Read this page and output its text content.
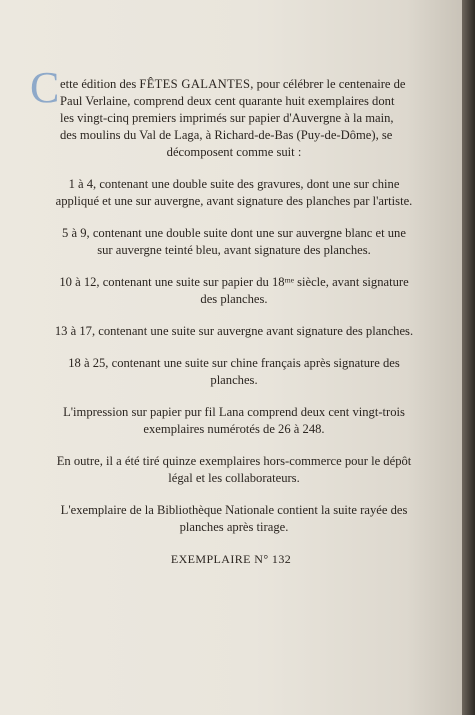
C ette édition des FÊTES GALANTES, pour célébrer le centenaire de
Paul Verlaine, comprend deux cent quarante huit exemplaires dont
les vingt-cinq premiers imprimés sur papier d'Auvergne à la main,
des moulins du Val de Laga, à Richard-de-Bas (Puy-de-Dôme), se
décomposent comme suit :
1 à 4, contenant une double suite des gravures, dont une sur chine
appliqué et une sur auvergne, avant signature des planches par l'artiste.
5 à 9, contenant une double suite dont une sur auvergne blanc et une
sur auvergne teinté bleu, avant signature des planches.
10 à 12, contenant une suite sur papier du 18ᵐᵉ siècle, avant signature
des planches.
13 à 17, contenant une suite sur auvergne avant signature des planches.
18 à 25, contenant une suite sur chine français après signature des
planches.
L'impression sur papier pur fil Lana comprend deux cent vingt-trois
exemplaires numérotés de 26 à 248.
En outre, il a été tiré quinze exemplaires hors-commerce pour le dépôt
légal et les collaborateurs.
L'exemplaire de la Bibliothèque Nationale contient la suite rayée des
planches après tirage.
EXEMPLAIRE N° 132
